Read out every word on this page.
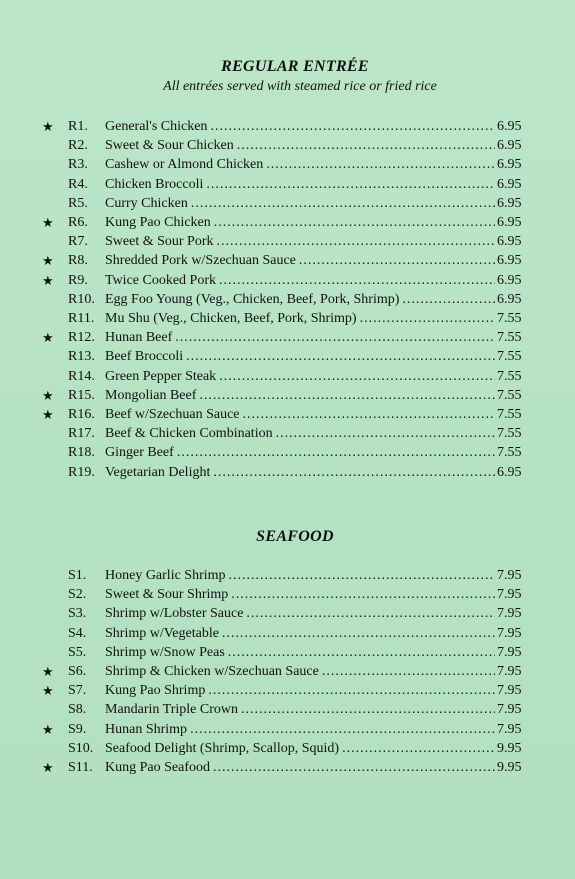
REGULAR ENTRÉE
All entrées served with steamed rice or fried rice
★ R1. General's Chicken .....	6.95
R2. Sweet & Sour Chicken .....	6.95
R3. Cashew or Almond Chicken .....	6.95
R4. Chicken Broccoli .....	6.95
R5. Curry Chicken .....	6.95
★ R6. Kung Pao Chicken .....	6.95
R7. Sweet & Sour Pork .....	6.95
★ R8. Shredded Pork w/Szechuan Sauce .....	6.95
★ R9. Twice Cooked Pork .....	6.95
R10. Egg Foo Young (Veg., Chicken, Beef, Pork, Shrimp) .....	6.95
R11. Mu Shu (Veg., Chicken, Beef, Pork, Shrimp) .....	7.55
★ R12. Hunan Beef .....	7.55
R13. Beef Broccoli .....	7.55
R14. Green Pepper Steak .....	7.55
★ R15. Mongolian Beef .....	7.55
★ R16. Beef w/Szechuan Sauce .....	7.55
R17. Beef & Chicken Combination .....	7.55
R18. Ginger Beef .....	7.55
R19. Vegetarian Delight .....	6.95
SEAFOOD
S1. Honey Garlic Shrimp .....	7.95
S2. Sweet & Sour Shrimp .....	7.95
S3. Shrimp w/Lobster Sauce .....	7.95
S4. Shrimp w/Vegetable .....	7.95
S5. Shrimp w/Snow Peas .....	7.95
★ S6. Shrimp & Chicken w/Szechuan Sauce .....	7.95
★ S7. Kung Pao Shrimp .....	7.95
S8. Mandarin Triple Crown .....	7.95
★ S9. Hunan Shrimp .....	7.95
S10. Seafood Delight (Shrimp, Scallop, Squid) .....	9.95
★ S11. Kung Pao Seafood .....	9.95
